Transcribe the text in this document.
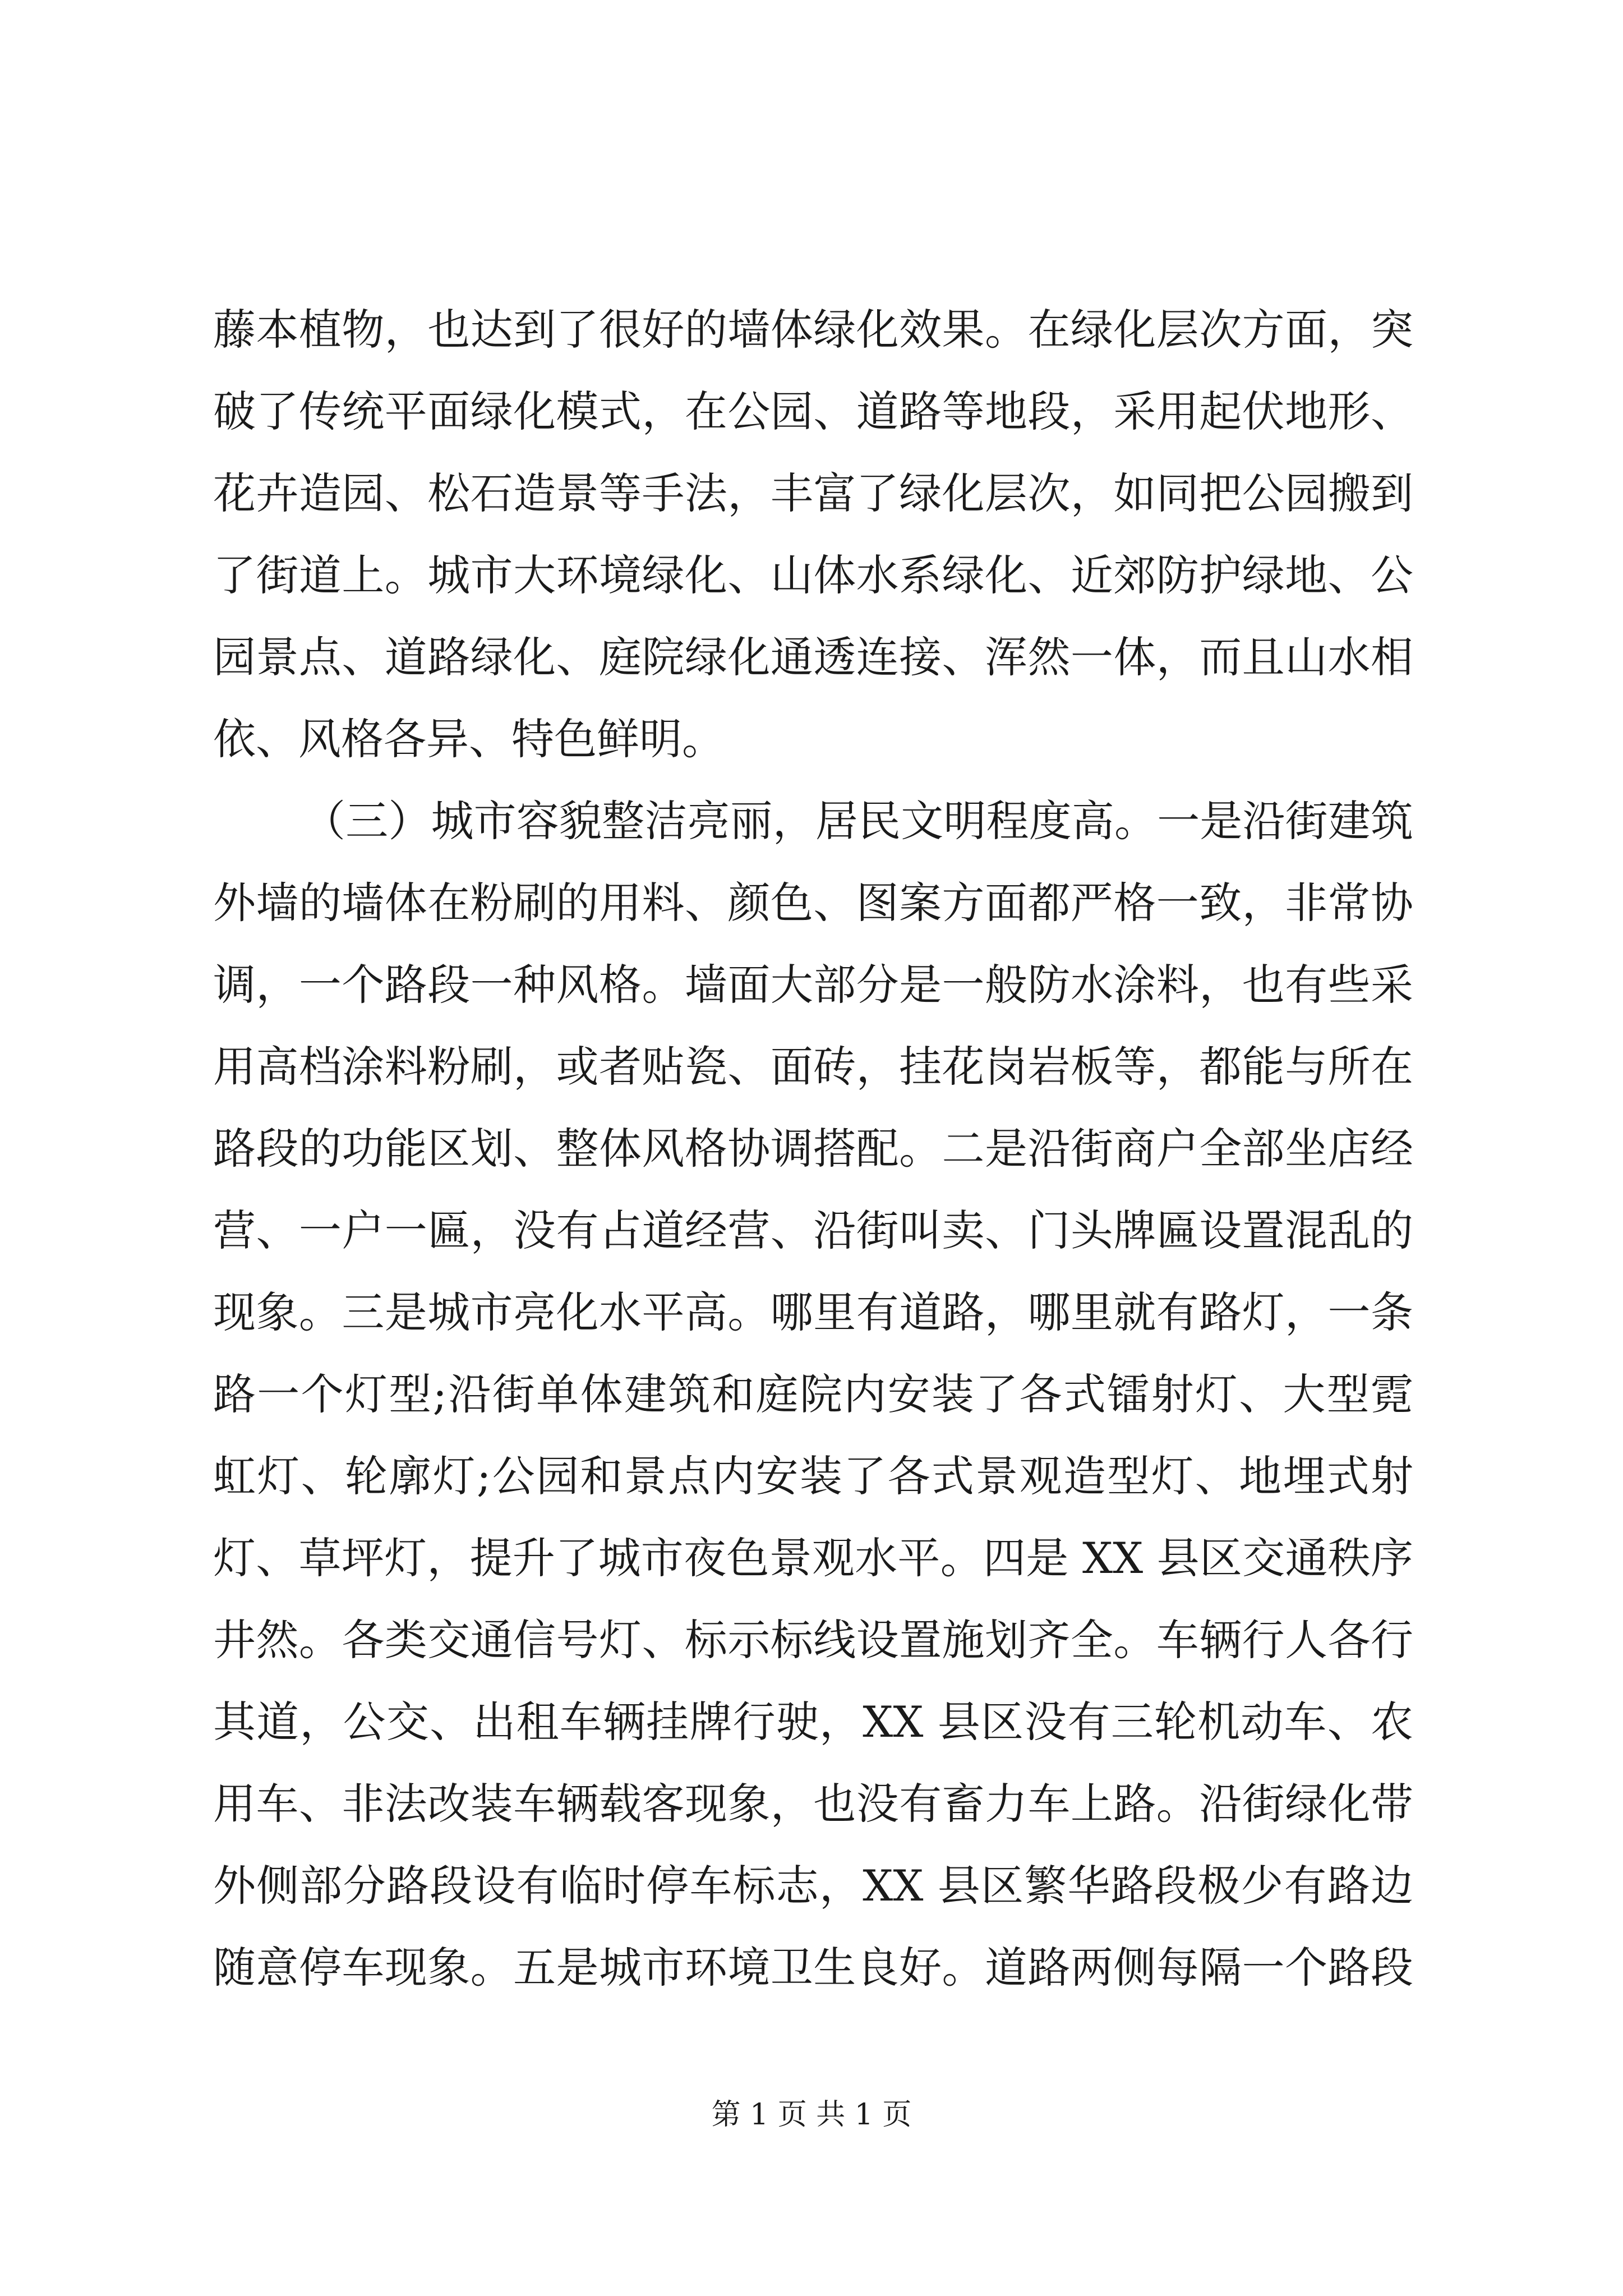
藤本植物，也达到了很好的墙体绿化效果。在绿化层次方面，突
破了传统平面绿化模式，在公园、道路等地段，采用起伏地形、
花卉造园、松石造景等手法，丰富了绿化层次，如同把公园搬到
了街道上。城市大环境绿化、山体水系绿化、近郊防护绿地、公
园景点、道路绿化、庭院绿化通透连接、浑然一体，而且山水相
依、风格各异、特色鲜明。
（三）城市容貌整洁亮丽，居民文明程度高。一是沿街建筑
外墙的墙体在粉刷的用料、颜色、图案方面都严格一致，非常协
调，一个路段一种风格。墙面大部分是一般防水涂料，也有些采
用高档涂料粉刷，或者贴瓷、面砖，挂花岗岩板等，都能与所在
路段的功能区划、整体风格协调搭配。二是沿街商户全部坐店经
营、一户一匾，没有占道经营、沿街叫卖、门头牌匾设置混乱的
现象。三是城市亮化水平高。哪里有道路，哪里就有路灯，一条
路一个灯型;沿街单体建筑和庭院内安装了各式镭射灯、大型霓
虹灯、轮廓灯;公园和景点内安装了各式景观造型灯、地埋式射
灯、草坪灯，提升了城市夜色景观水平。四是 XX 县区交通秩序
井然。各类交通信号灯、标示标线设置施划齐全。车辆行人各行
其道，公交、出租车辆挂牌行驶，XX 县区没有三轮机动车、农
用车、非法改装车辆载客现象，也没有畜力车上路。沿街绿化带
外侧部分路段设有临时停车标志，XX 县区繁华路段极少有路边
随意停车现象。五是城市环境卫生良好。道路两侧每隔一个路段
第 1 页 共 1 页
